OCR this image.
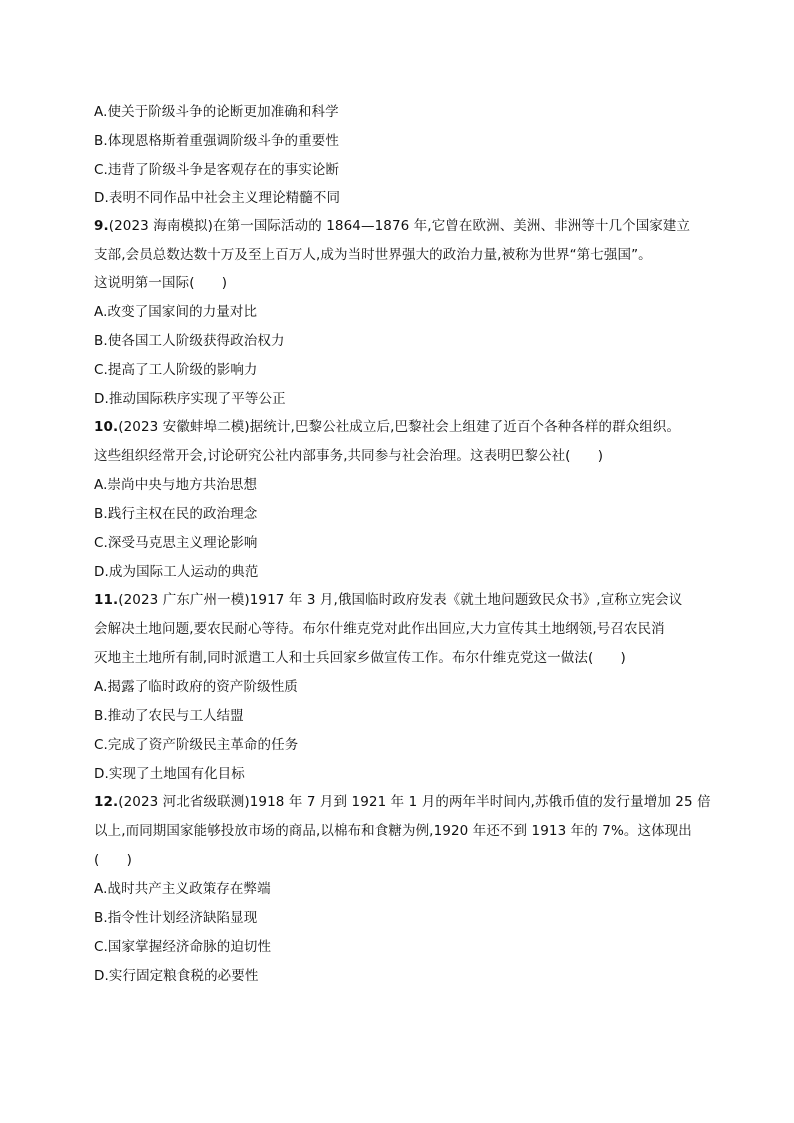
A.使关于阶级斗争的论断更加准确和科学
B.体现恩格斯着重强调阶级斗争的重要性
C.违背了阶级斗争是客观存在的事实论断
D.表明不同作品中社会主义理论精髓不同
9.(2023 海南模拟)在第一国际活动的 1864—1876 年,它曾在欧洲、美洲、非洲等十几个国家建立
支部,会员总数达数十万及至上百万人,成为当时世界强大的政治力量,被称为世界“第七强国”。
这说明第一国际(　　)
A.改变了国家间的力量对比
B.使各国工人阶级获得政治权力
C.提高了工人阶级的影响力
D.推动国际秩序实现了平等公正
10.(2023 安徽蚌埠二模)据统计,巴黎公社成立后,巴黎社会上组建了近百个各种各样的群众组织。
这些组织经常开会,讨论研究公社内部事务,共同参与社会治理。这表明巴黎公社(　　)
A.崇尚中央与地方共治思想
B.践行主权在民的政治理念
C.深受马克思主义理论影响
D.成为国际工人运动的典范
11.(2023 广东广州一模)1917 年 3 月,俄国临时政府发表《就土地问题致民众书》,宣称立宪会议
会解决土地问题,要农民耐心等待。布尔什维克党对此作出回应,大力宣传其土地纲领,号召农民消
灭地主土地所有制,同时派遣工人和士兵回家乡做宣传工作。布尔什维克党这一做法(　　)
A.揭露了临时政府的资产阶级性质
B.推动了农民与工人结盟
C.完成了资产阶级民主革命的任务
D.实现了土地国有化目标
12.(2023 河北省级联测)1918 年 7 月到 1921 年 1 月的两年半时间内,苏俄币值的发行量增加 25 倍
以上,而同期国家能够投放市场的商品,以棉布和食糖为例,1920 年还不到 1913 年的 7%。这体现出
(　　)
A.战时共产主义政策存在弊端
B.指令性计划经济缺陷显现
C.国家掌握经济命脉的迫切性
D.实行固定粮食税的必要性
